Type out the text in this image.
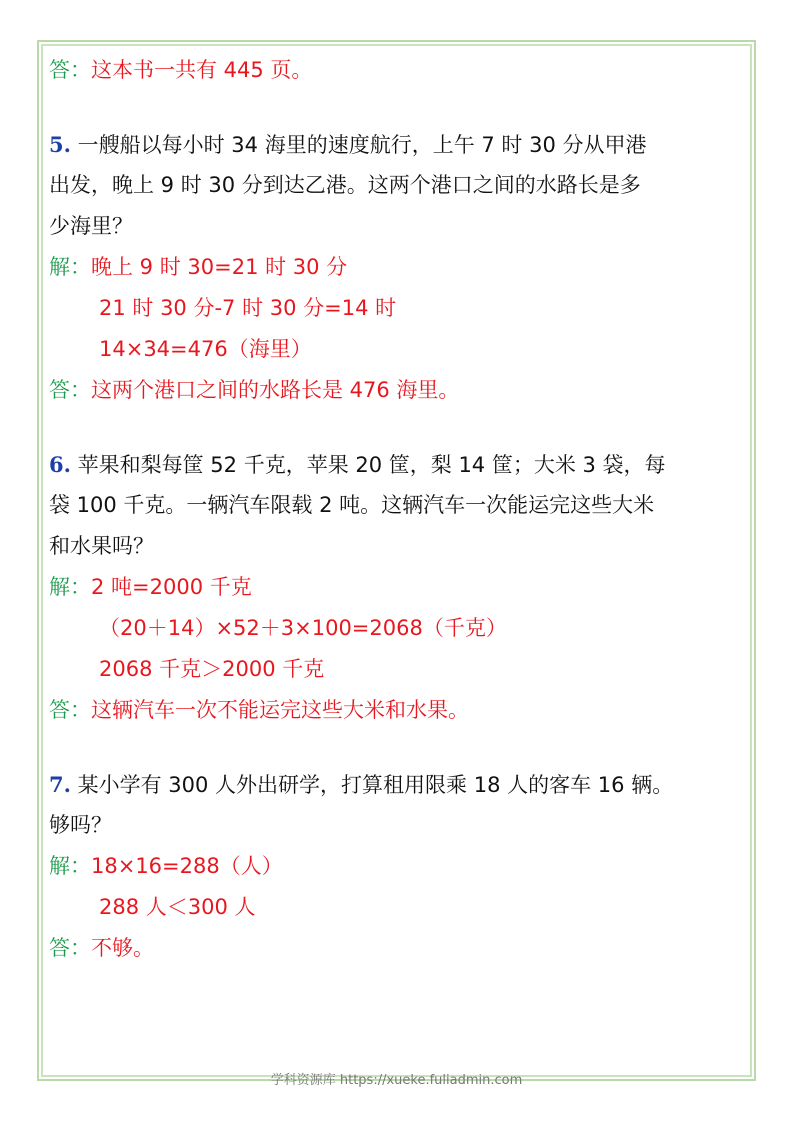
答：这本书一共有 445 页。
5. 一艘船以每小时 34 海里的速度航行，上午 7 时 30 分从甲港
出发，晚上 9 时 30 分到达乙港。这两个港口之间的水路长是多
少海里？
解：晚上 9 时 30=21 时 30 分
21 时 30 分-7 时 30 分=14 时
14×34=476（海里）
答：这两个港口之间的水路长是 476 海里。
6. 苹果和梨每筐 52 千克，苹果 20 筐，梨 14 筐；大米 3 袋，每
袋 100 千克。一辆汽车限载 2 吨。这辆汽车一次能运完这些大米
和水果吗？
解：2 吨=2000 千克
（20＋14）×52＋3×100=2068（千克）
2068 千克＞2000 千克
答：这辆汽车一次不能运完这些大米和水果。
7. 某小学有 300 人外出研学，打算租用限乘 18 人的客车 16 辆。
够吗？
解：18×16=288（人）
288 人＜300 人
答：不够。
学科资源库 https://xueke.fuliadmin.com
